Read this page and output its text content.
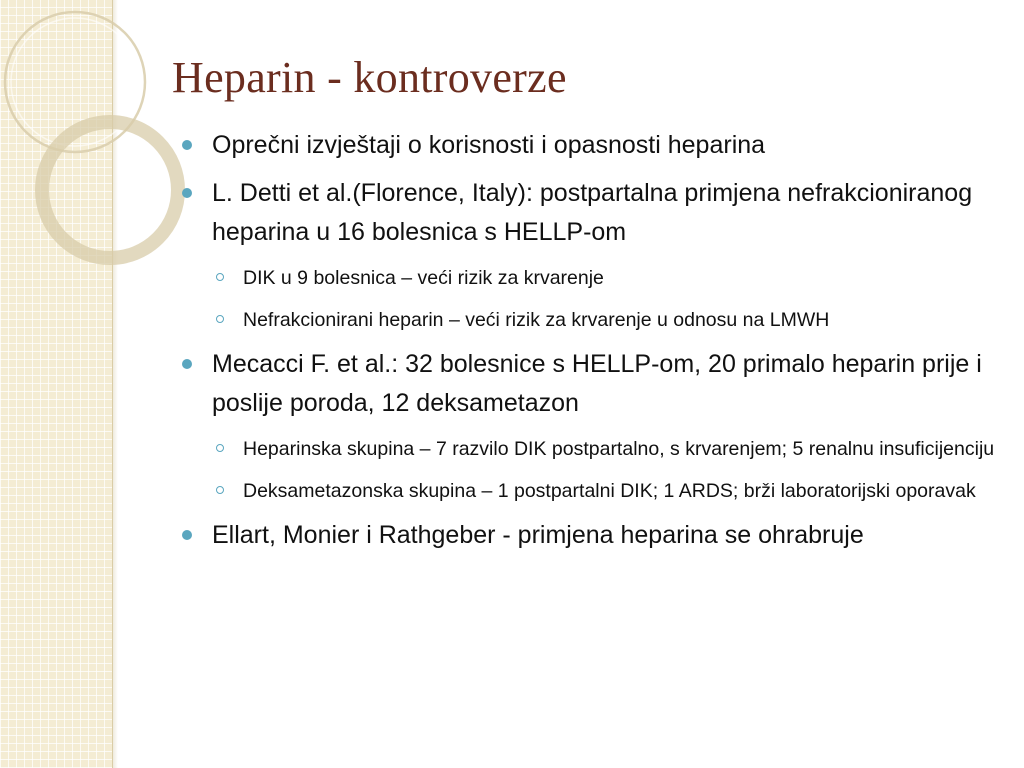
Heparin - kontroverze
Oprečni izvještaji o korisnosti i opasnosti heparina
L. Detti et al.(Florence, Italy): postpartalna primjena nefrakcioniranog heparina u 16 bolesnica s HELLP-om
DIK u 9 bolesnica – veći rizik za krvarenje
Nefrakcionirani heparin – veći rizik za krvarenje u odnosu na LMWH
Mecacci F. et al.: 32 bolesnice s HELLP-om, 20 primalo heparin prije i poslije poroda, 12 deksametazon
Heparinska skupina – 7 razvilo DIK postpartalno, s krvarenjem; 5 renalnu insuficijenciju
Deksametazonska skupina – 1 postpartalni DIK; 1 ARDS; brži laboratorijski oporavak
Ellart, Monier i Rathgeber - primjena heparina se ohrabruje
